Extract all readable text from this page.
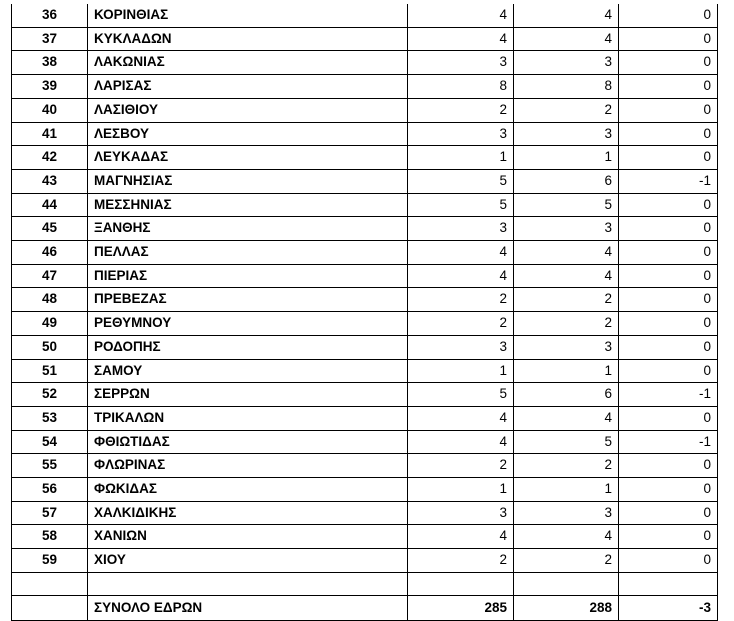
36	ΚΟΡΙΝΘΙΑΣ	4	4	0
37	ΚΥΚΛΑΔΩΝ	4	4	0
38	ΛΑΚΩΝΙΑΣ	3	3	0
39	ΛΑΡΙΣΑΣ	8	8	0
40	ΛΑΣΙΘΙΟΥ	2	2	0
41	ΛΕΣΒΟΥ	3	3	0
42	ΛΕΥΚΑΔΑΣ	1	1	0
43	ΜΑΓΝΗΣΙΑΣ	5	6	-1
44	ΜΕΣΣΗΝΙΑΣ	5	5	0
45	ΞΑΝΘΗΣ	3	3	0
46	ΠΕΛΛΑΣ	4	4	0
47	ΠΙΕΡΙΑΣ	4	4	0
48	ΠΡΕΒΕΖΑΣ	2	2	0
49	ΡΕΘΥΜΝΟΥ	2	2	0
50	ΡΟΔΟΠΗΣ	3	3	0
51	ΣΑΜΟΥ	1	1	0
52	ΣΕΡΡΩΝ	5	6	-1
53	ΤΡΙΚΑΛΩΝ	4	4	0
54	ΦΘΙΩΤΙΔΑΣ	4	5	-1
55	ΦΛΩΡΙΝΑΣ	2	2	0
56	ΦΩΚΙΔΑΣ	1	1	0
57	ΧΑΛΚΙΔΙΚΗΣ	3	3	0
58	ΧΑΝΙΩΝ	4	4	0
59	ΧΙΟΥ	2	2	0

	ΣΥΝΟΛΟ ΕΔΡΩΝ	285	288	-3
